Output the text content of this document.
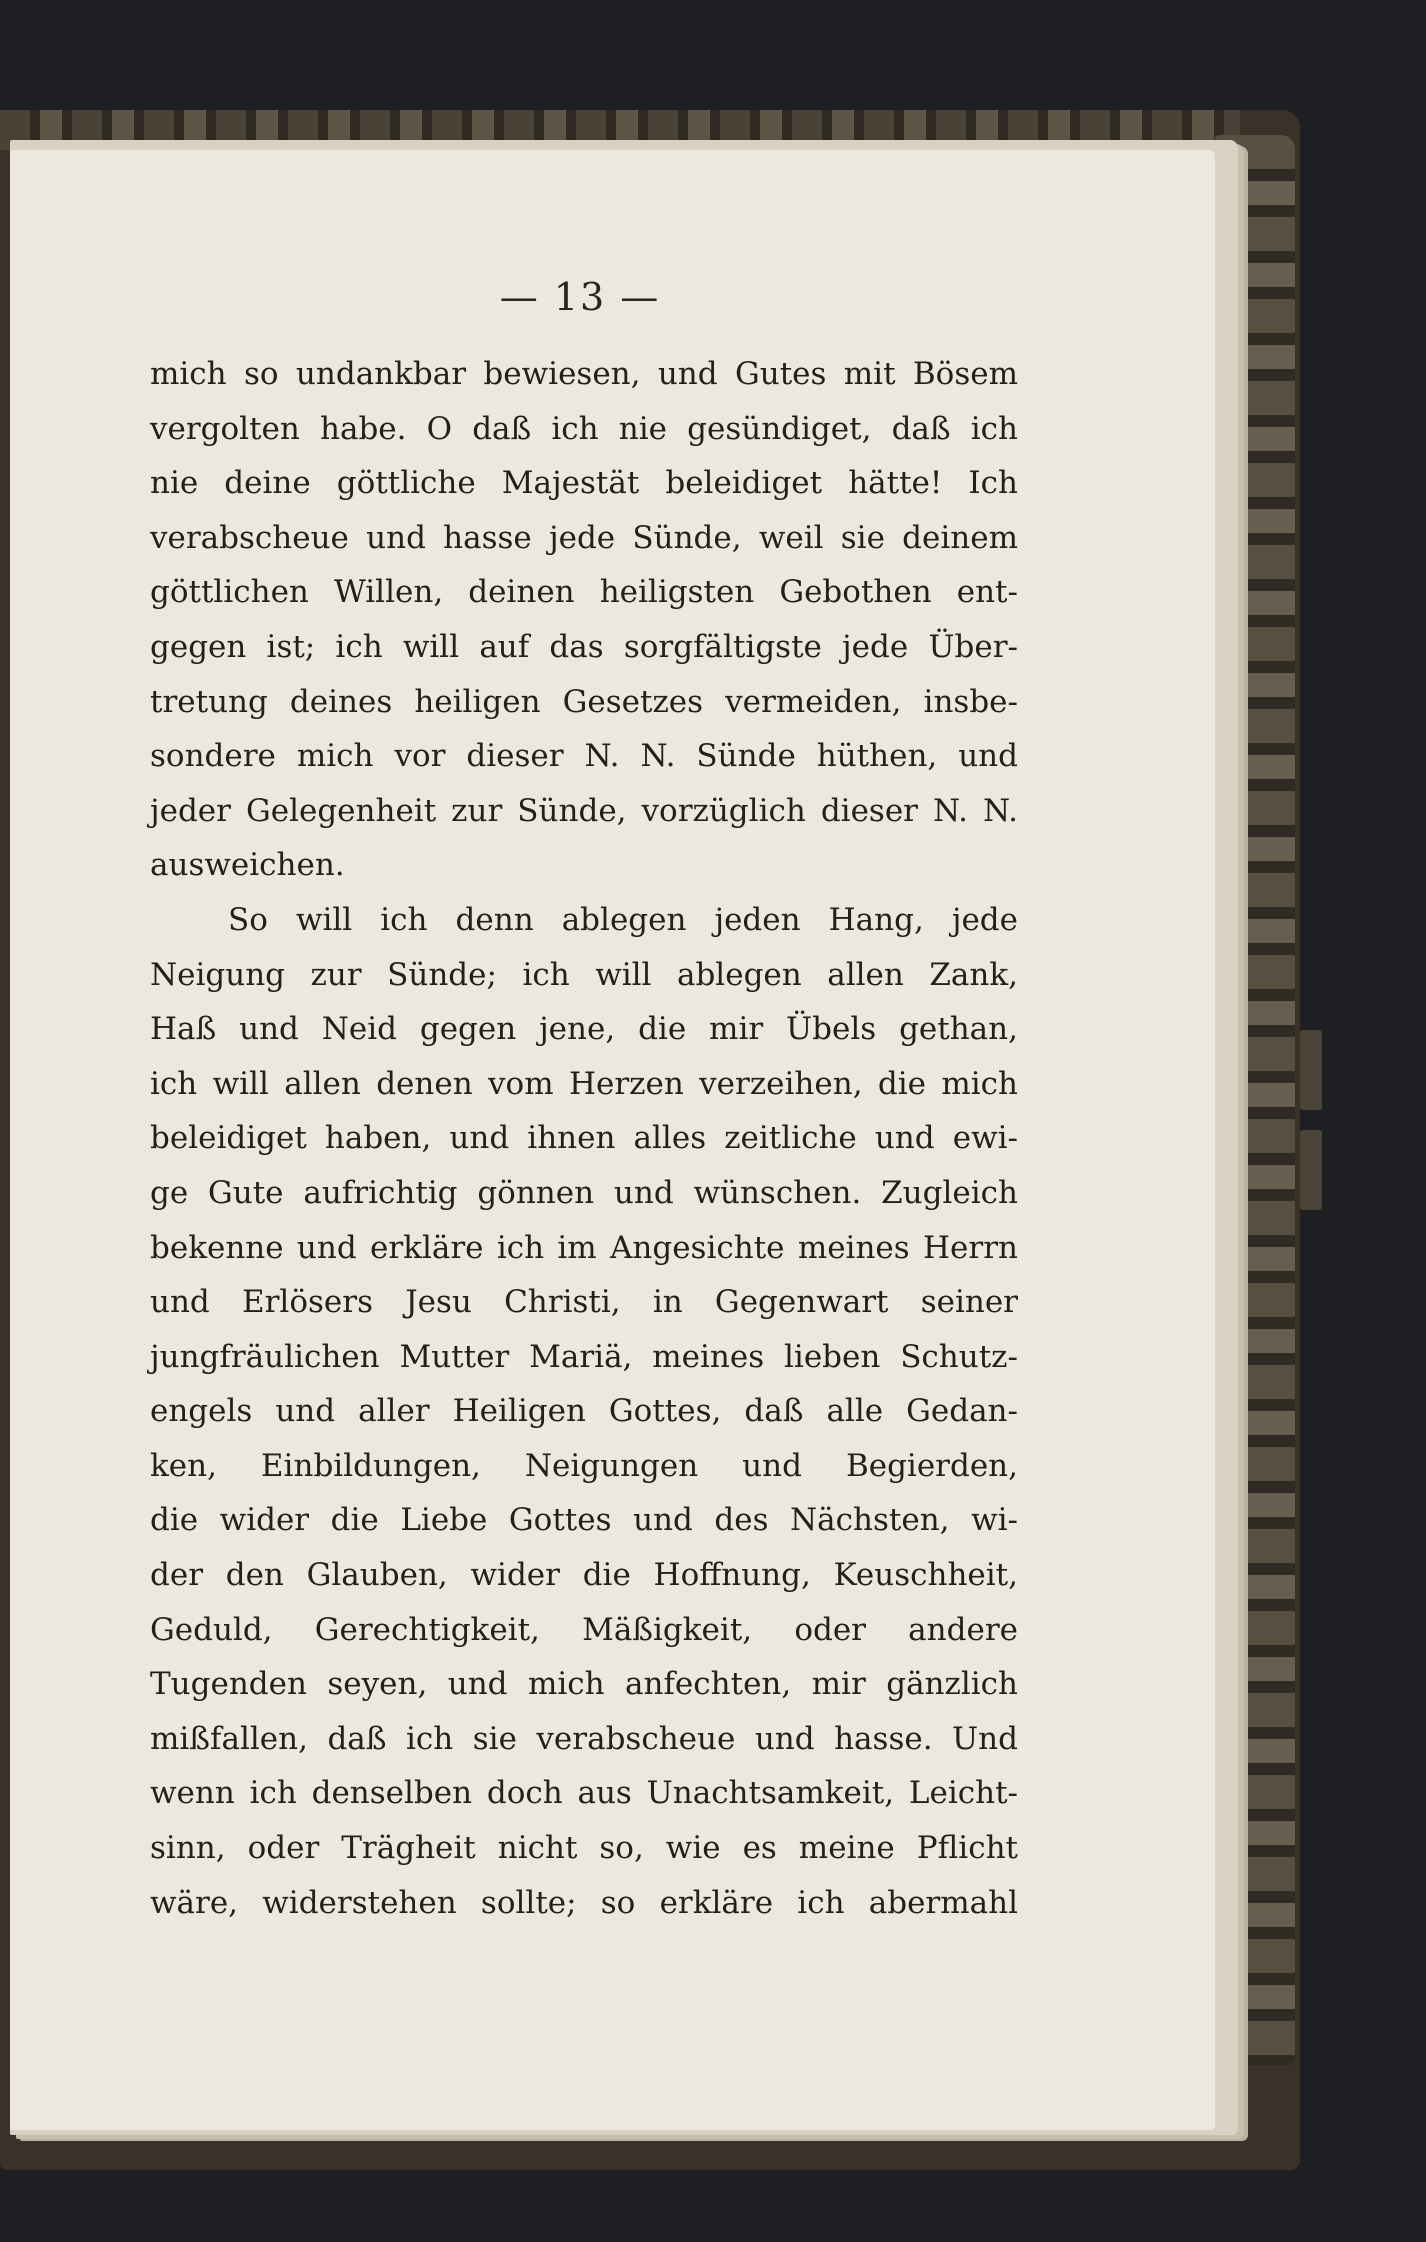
— 13 —
mich so undankbar bewiesen, und Gutes mit Bösem
vergolten habe. O daß ich nie gesündiget, daß ich
nie deine göttliche Majestät beleidiget hätte! Ich
verabscheue und hasse jede Sünde, weil sie deinem
göttlichen Willen, deinen heiligsten Gebothen ent-
gegen ist; ich will auf das sorgfältigste jede Über-
tretung deines heiligen Gesetzes vermeiden, insbe-
sondere mich vor dieser N. N. Sünde hüthen, und
jeder Gelegenheit zur Sünde, vorzüglich dieser N. N.
ausweichen.
So will ich denn ablegen jeden Hang, jede
Neigung zur Sünde; ich will ablegen allen Zank,
Haß und Neid gegen jene, die mir Übels gethan,
ich will allen denen vom Herzen verzeihen, die mich
beleidiget haben, und ihnen alles zeitliche und ewi-
ge Gute aufrichtig gönnen und wünschen. Zugleich
bekenne und erkläre ich im Angesichte meines Herrn
und Erlösers Jesu Christi, in Gegenwart seiner
jungfräulichen Mutter Mariä, meines lieben Schutz-
engels und aller Heiligen Gottes, daß alle Gedan-
ken, Einbildungen, Neigungen und Begierden,
die wider die Liebe Gottes und des Nächsten, wi-
der den Glauben, wider die Hoffnung, Keuschheit,
Geduld, Gerechtigkeit, Mäßigkeit, oder andere
Tugenden seyen, und mich anfechten, mir gänzlich
mißfallen, daß ich sie verabscheue und hasse. Und
wenn ich denselben doch aus Unachtsamkeit, Leicht-
sinn, oder Trägheit nicht so, wie es meine Pflicht
wäre, widerstehen sollte; so erkläre ich abermahl
